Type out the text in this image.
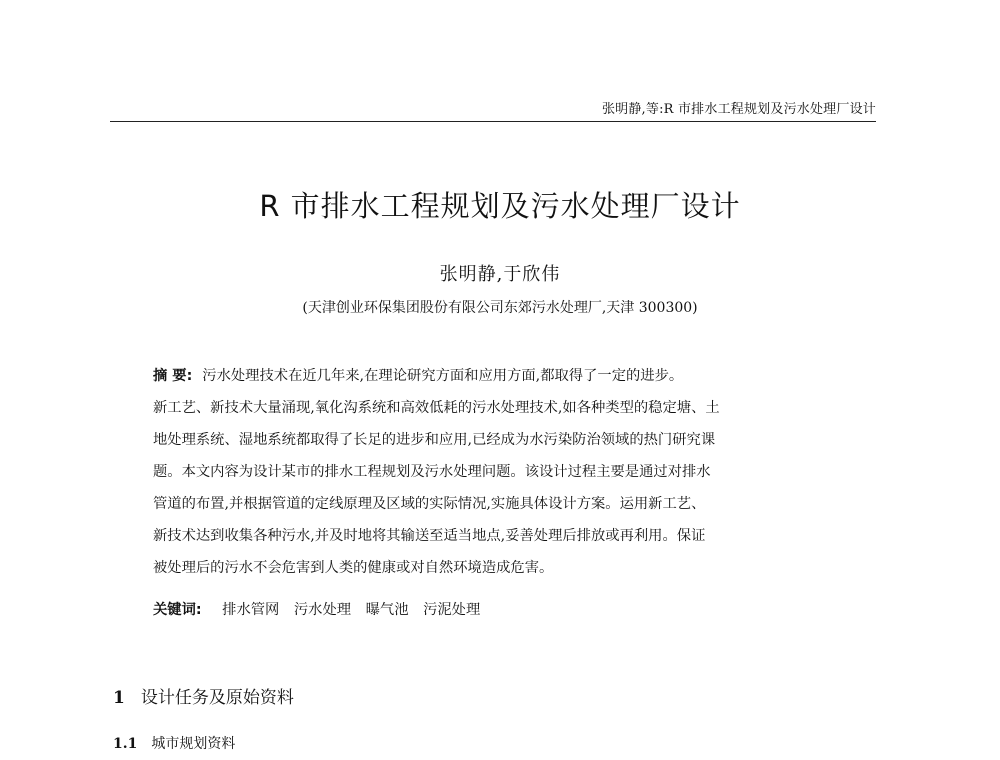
张明静,等:R 市排水工程规划及污水处理厂设计
R 市排水工程规划及污水处理厂设计
张明静,于欣伟
(天津创业环保集团股份有限公司东郊污水处理厂,天津 300300)
摘 要: 污水处理技术在近几年来,在理论研究方面和应用方面,都取得了一定的进步。
新工艺、新技术大量涌现,氧化沟系统和高效低耗的污水处理技术,如各种类型的稳定塘、土
地处理系统、湿地系统都取得了长足的进步和应用,已经成为水污染防治领域的热门研究课
题。本文内容为设计某市的排水工程规划及污水处理问题。该设计过程主要是通过对排水
管道的布置,并根据管道的定线原理及区域的实际情况,实施具体设计方案。运用新工艺、
新技术达到收集各种污水,并及时地将其输送至适当地点,妥善处理后排放或再利用。保证
被处理后的污水不会危害到人类的健康或对自然环境造成危害。
关键词: 排水管网 污水处理 曝气池 污泥处理
1 设计任务及原始资料
1.1 城市规划资料
